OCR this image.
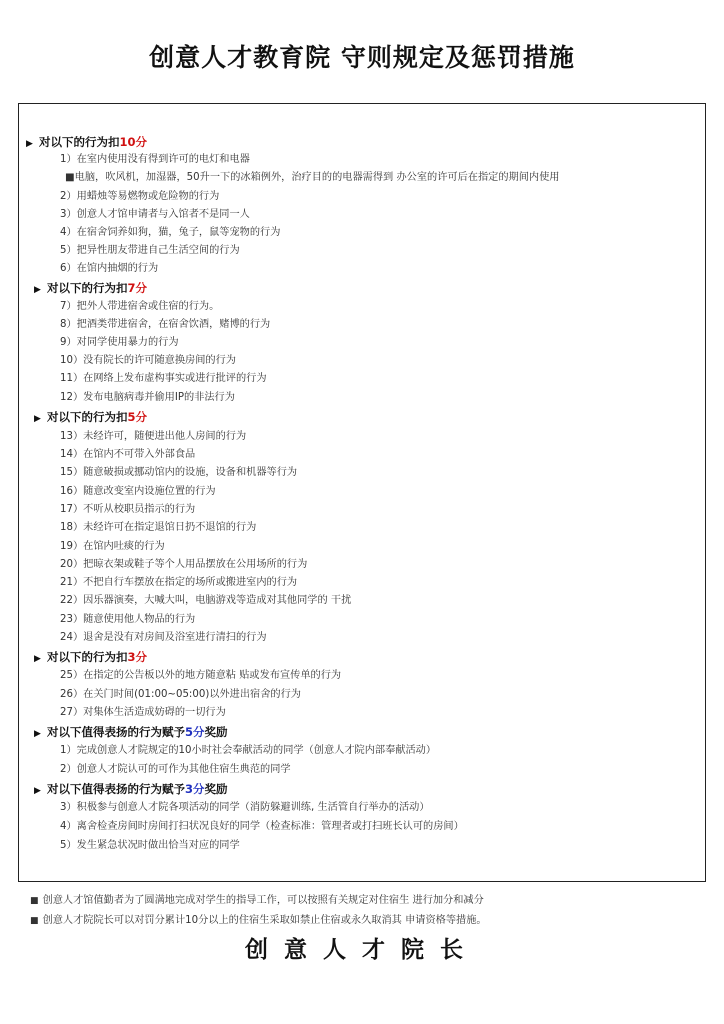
创意人才教育院 守则规定及惩罚措施
▶ 对以下的行为扣10分
1）在室内使用没有得到许可的电灯和电器
■电脑，吹风机，加湿器，50升一下的冰箱例外，治疗目的的电器需得到 办公室的许可后在指定的期间内使用
2）用蜡烛等易燃物或危险物的行为
3）创意人才馆申请者与入馆者不是同一人
4）在宿舍饲养如狗，猫，兔子，鼠等宠物的行为
5）把异性朋友带进自己生活空间的行为
6）在馆内抽烟的行为
▶ 对以下的行为扣7分
7）把外人带进宿舍或住宿的行为。
8）把酒类带进宿舍，在宿舍饮酒，赌博的行为
9）对同学使用暴力的行为
10）没有院长的许可随意换房间的行为
11）在网络上发布虚构事实或进行批评的行为
12）发布电脑病毒并偷用IP的非法行为
▶ 对以下的行为扣5分
13）未经许可，随便进出他人房间的行为
14）在馆内不可带入外部食品
15）随意破损或挪动馆内的设施，设备和机器等行为
16）随意改变室内设施位置的行为
17）不听从校职员指示的行为
18）未经许可在指定退馆日扔不退馆的行为
19）在馆内吐痰的行为
20）把晾衣架或鞋子等个人用品摆放在公用场所的行为
21）不把自行车摆放在指定的场所或搬进室内的行为
22）因乐器演奏，大喊大叫，电脑游戏等造成对其他同学的 干扰
23）随意使用他人物品的行为
24）退舍是没有对房间及浴室进行清扫的行为
▶ 对以下的行为扣3分
25）在指定的公告板以外的地方随意粘 贴或发布宣传单的行为
26）在关门时间(01:00~05:00)以外进出宿舍的行为
27）对集体生活造成妨碍的一切行为
▶ 对以下值得表扬的行为赋予5分奖励
1）完成创意人才院规定的10小时社会奉献活动的同学（创意人才院内部奉献活动）
2）创意人才院认可的可作为其他住宿生典范的同学
▶ 对以下值得表扬的行为赋予3分奖励
3）积极参与创意人才院各项活动的同学（消防躲避训练, 生活管自行举办的活动）
4）离舍检查房间时房间打扫状况良好的同学（检查标准：管理者或打扫班长认可的房间）
5）发生紧急状况时做出恰当对应的同学
■ 创意人才馆值勤者为了圆满地完成对学生的指导工作，可以按照有关规定对住宿生 进行加分和减分
■ 创意人才院院长可以对罚分累计10分以上的住宿生采取如禁止住宿或永久取消其 申请资格等措施。
创意人才院长
